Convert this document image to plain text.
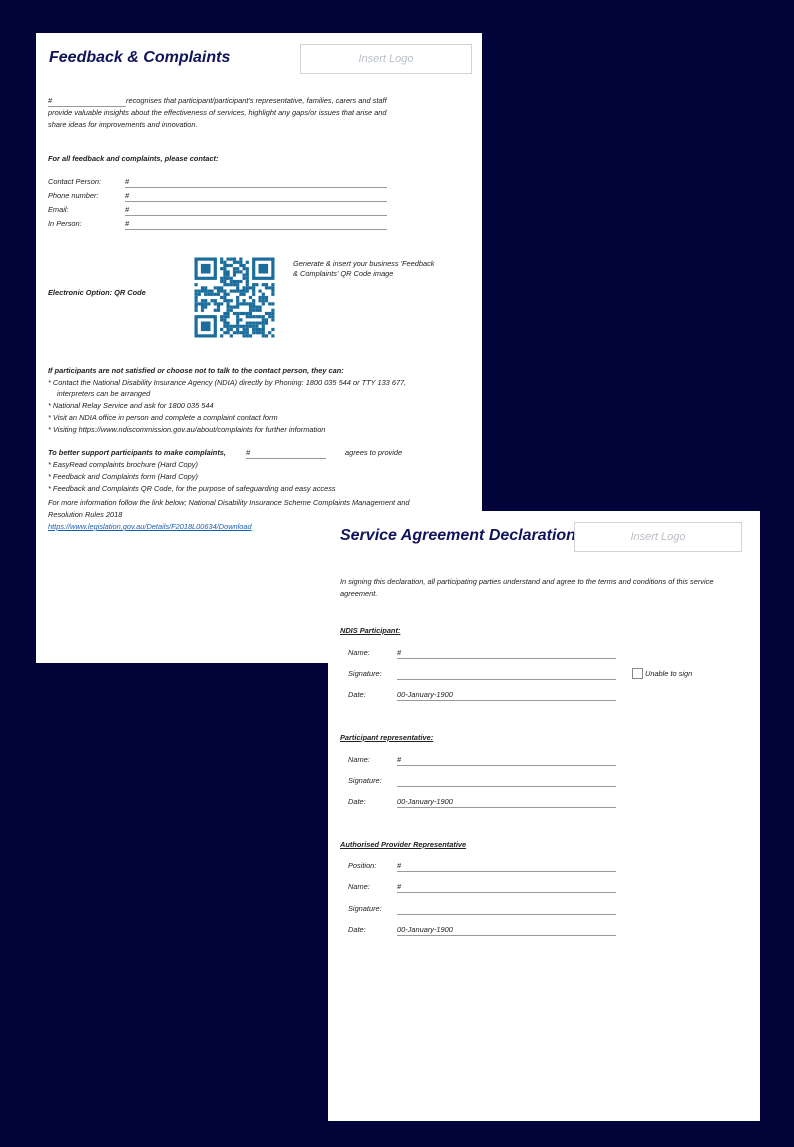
Feedback & Complaints	Insert Logo
#	recognises that participant/participant's representative, families, carers and staff
provide valuable insights about the effectiveness of services, highlight any gaps/or issues that arise and
share ideas for improvements and innovation.
For all feedback and complaints, please contact:
Contact Person:	#
Phone number:	#
Email:	#
In Person:	#
Electronic Option: QR Code
Generate & insert your business 'Feedback
& Complaints' QR Code image
If participants are not satisfied or choose not to talk to the contact person, they can:
* Contact the National Disability Insurance Agency (NDIA) directly by Phoning: 1800 035 544 or TTY 133 677,
interpreters can be arranged
* National Relay Service and ask for 1800 035 544
* Visit an NDIA office in person and complete a complaint contact form
* Visiting https://www.ndiscommission.gov.au/about/complaints for further information
To better support participants to make complaints,	#	agrees to provide
* EasyRead complaints brochure (Hard Copy)
* Feedback and Complaints form (Hard Copy)
* Feedback and Complaints QR Code, for the purpose of safeguarding and easy access
For more information follow the link below; National Disability Insurance Scheme Complaints Management and
Resolution Rules 2018
https://www.legislation.gov.au/Details/F2018L00634/Download
Service Agreement Declaration	Insert Logo
In signing this declaration, all participating parties understand and agree to the terms and conditions of this service
agreement.
NDIS Participant:
Name:	#
Signature:	Unable to sign
Date:	00-January-1900
Participant representative:
Name:	#
Signature:
Date:	00-January-1900
Authorised Provider Representative
Position:	#
Name:	#
Signature:
Date:	00-January-1900
